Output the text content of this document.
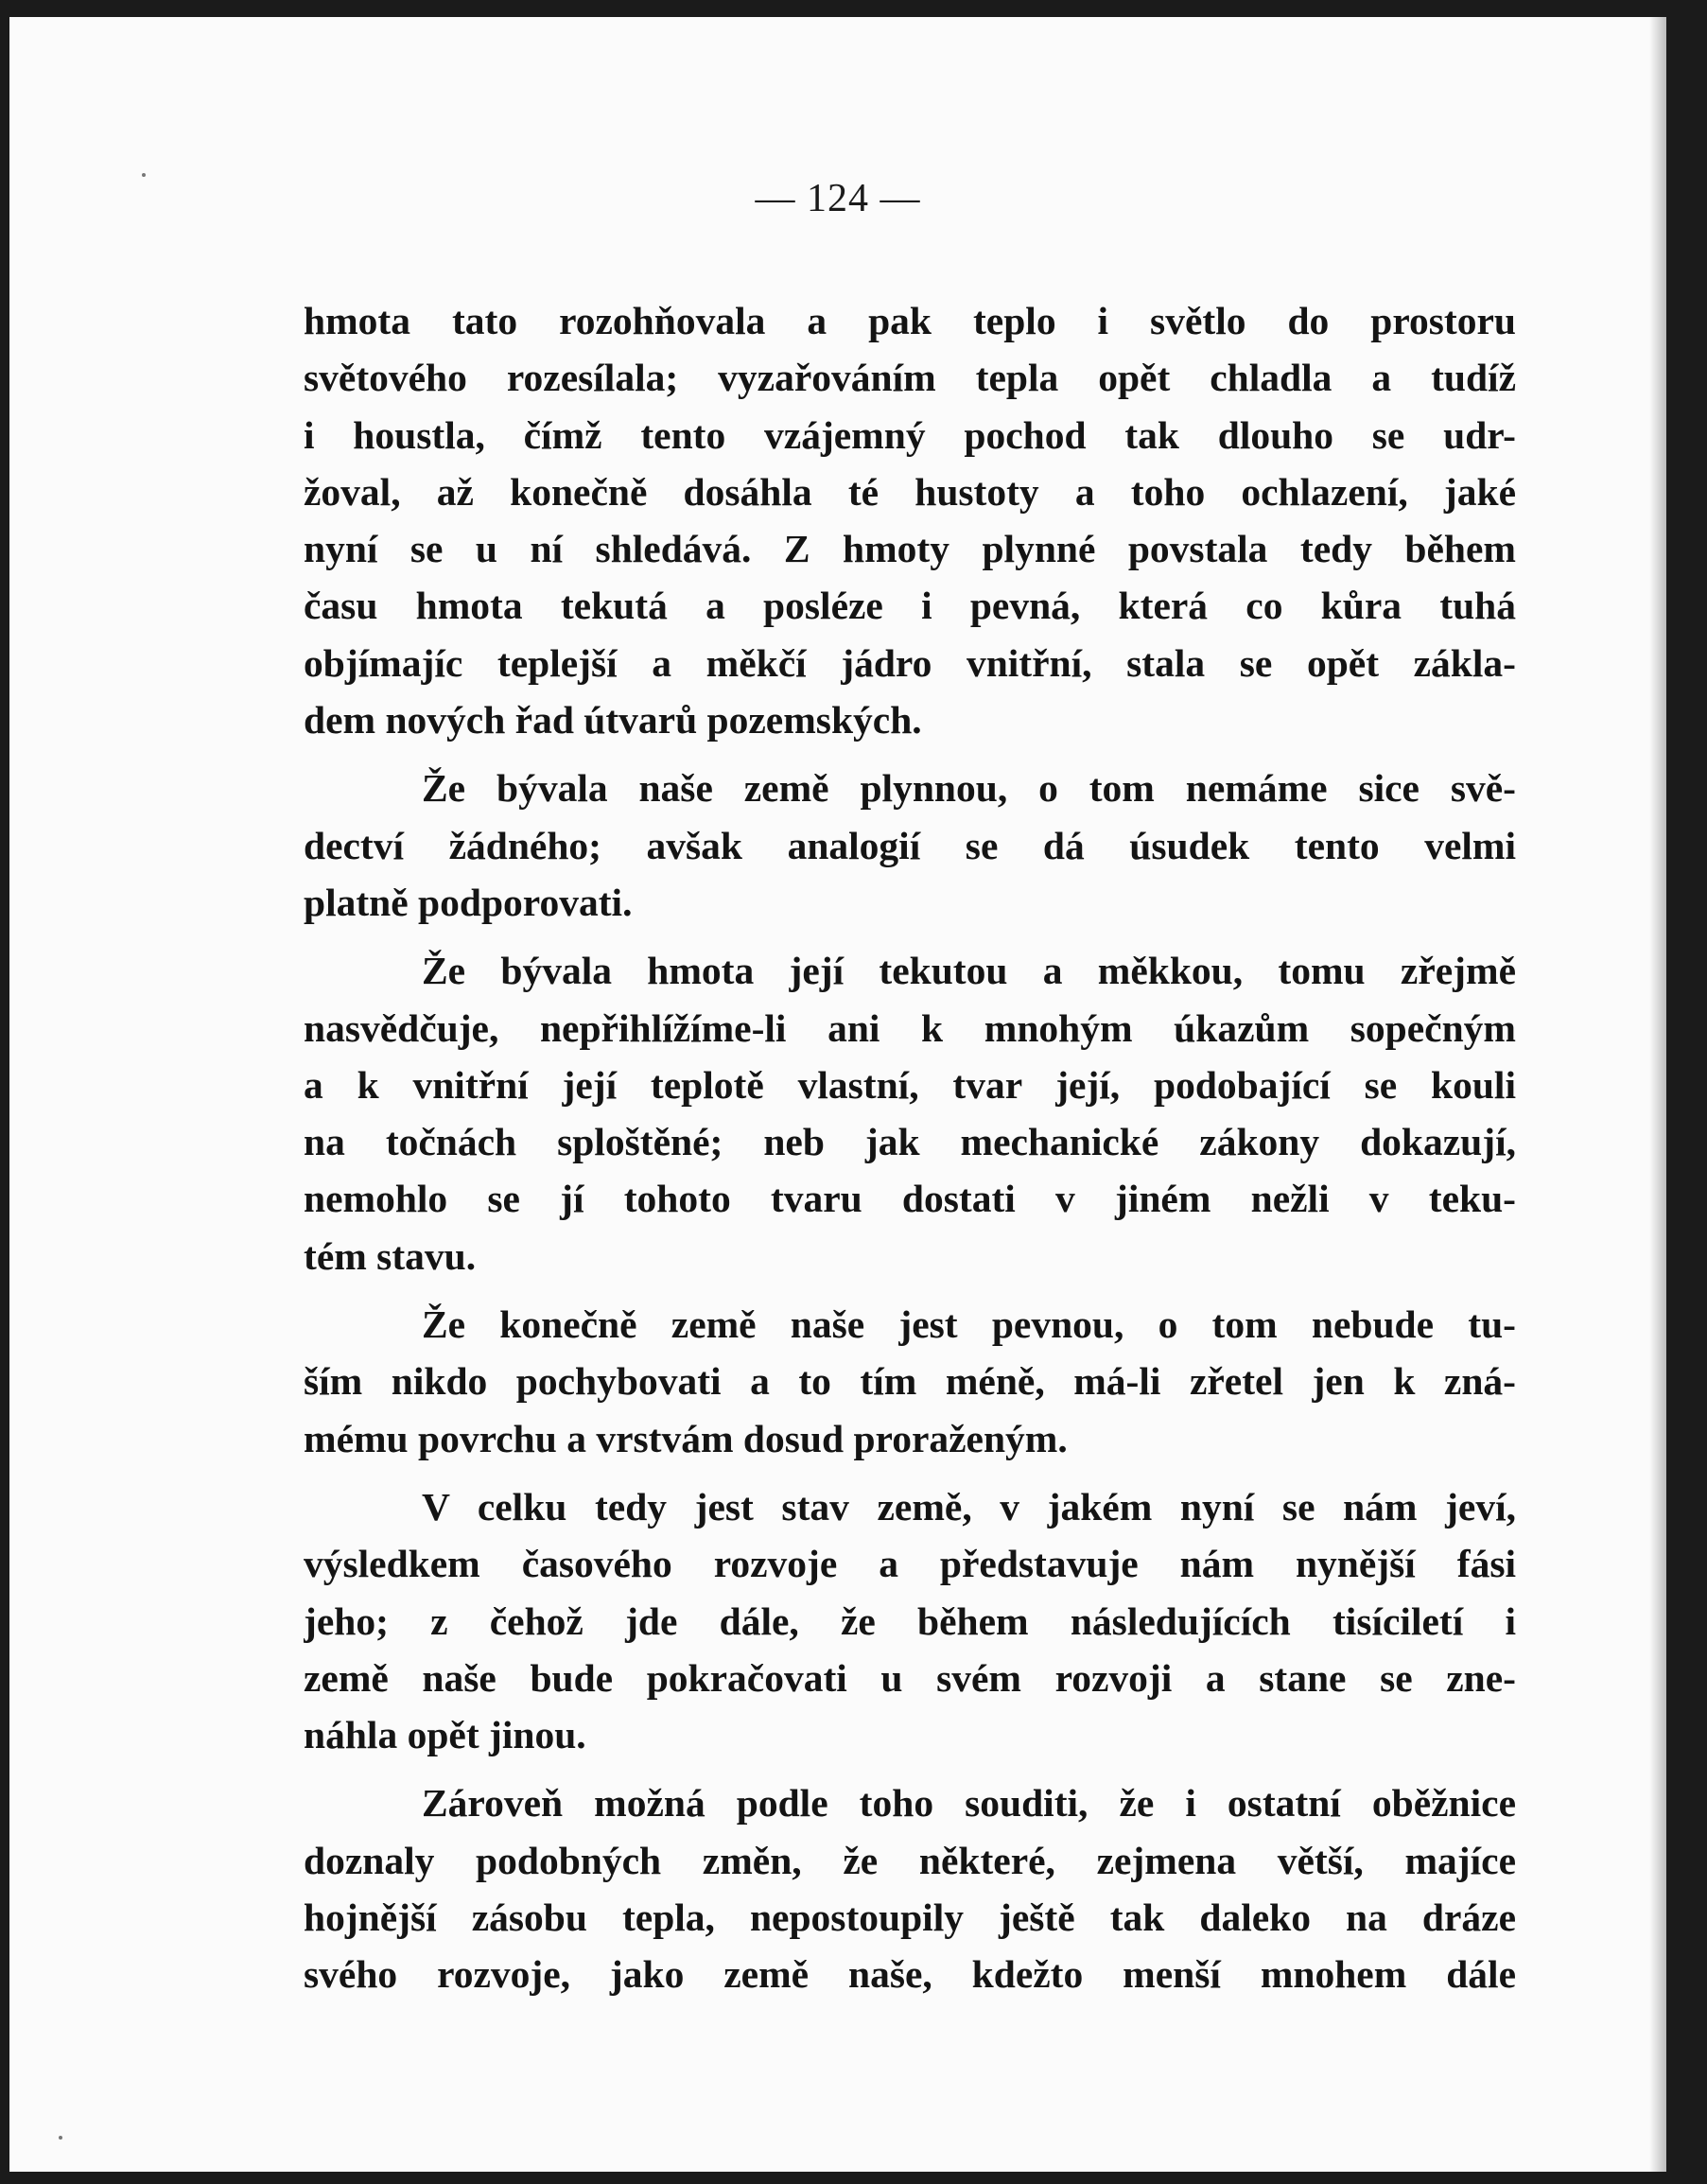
— 124 —
hmota tato rozohňovala a pak teplo i světlo do prostoru
světového rozesílala; vyzařováním tepla opět chladla a tudíž
i houstla, čímž tento vzájemný pochod tak dlouho se udr-
žoval, až konečně dosáhla té hustoty a toho ochlazení, jaké
nyní se u ní shledává. Z hmoty plynné povstala tedy během
času hmota tekutá a posléze i pevná, která co kůra tuhá
objímajíc teplejší a měkčí jádro vnitřní, stala se opět zákla-
dem nových řad útvarů pozemských.
Že bývala naše země plynnou, o tom nemáme sice svě-
dectví žádného; avšak analogií se dá úsudek tento velmi
platně podporovati.
Že bývala hmota její tekutou a měkkou, tomu zřejmě
nasvědčuje, nepřihlížíme-li ani k mnohým úkazům sopečným
a k vnitřní její teplotě vlastní, tvar její, podobající se kouli
na točnách sploštěné; neb jak mechanické zákony dokazují,
nemohlo se jí tohoto tvaru dostati v jiném nežli v teku-
tém stavu.
Že konečně země naše jest pevnou, o tom nebude tu-
ším nikdo pochybovati a to tím méně, má-li zřetel jen k zná-
mému povrchu a vrstvám dosud proraženým.
V celku tedy jest stav země, v jakém nyní se nám jeví,
výsledkem časového rozvoje a představuje nám nynější fási
jeho; z čehož jde dále, že během následujících tisíciletí i
země naše bude pokračovati u svém rozvoji a stane se zne-
náhla opět jinou.
Zároveň možná podle toho souditi, že i ostatní oběžnice
doznaly podobných změn, že některé, zejmena větší, majíce
hojnější zásobu tepla, nepostoupily ještě tak daleko na dráze
svého rozvoje, jako země naše, kdežto menší mnohem dále
